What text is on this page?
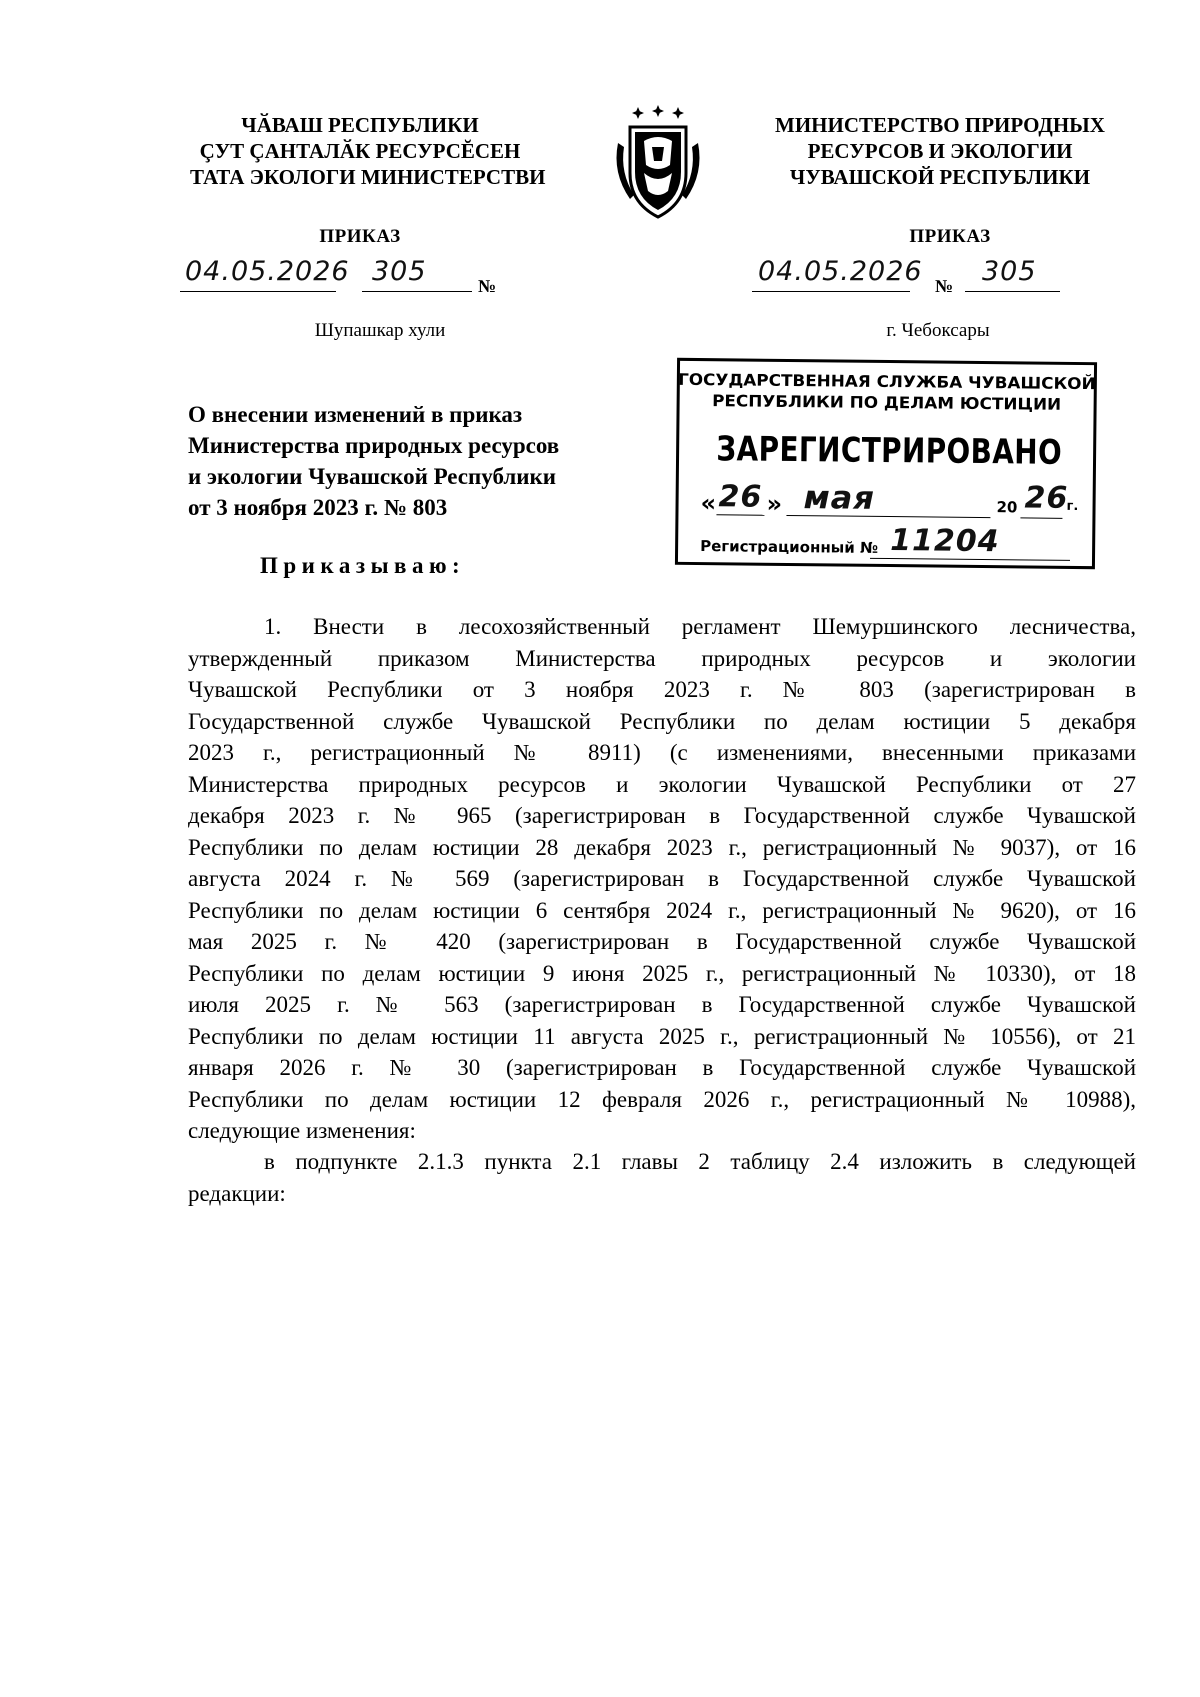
ЧӐВАШ РЕСПУБЛИКИ
ÇУТ ÇАНТАЛӐК РЕСУРСĔСЕН
ТАТА ЭКОЛОГИ МИНИСТЕРСТВИ
МИНИСТЕРСТВО ПРИРОДНЫХ
РЕСУРСОВ И ЭКОЛОГИИ
ЧУВАШСКОЙ РЕСПУБЛИКИ
ПРИКАЗ	ПРИКАЗ
04.05.2026 305	№	04.05.2026 № 305
Шупашкар хули	г. Чебоксары
ГОСУДАРСТВЕННАЯ СЛУЖБА ЧУВАШСКОЙ
РЕСПУБЛИКИ ПО ДЕЛАМ ЮСТИЦИИ
ЗАРЕГИСТРИРОВАНО
« 26 » мая	20 26
г.
Регистрационный № 11204
О внесении изменений в приказ
Министерства природных ресурсов
и экологии Чувашской Республики
от 3 ноября 2023 г. № 803
Приказываю:
1. Внести в лесохозяйственный регламент Шемуршинского лесничества,
утвержденный приказом Министерства природных ресурсов и экологии
Чувашской Республики от 3 ноября 2023 г. № 803 (зарегистрирован в
Государственной службе Чувашской Республики по делам юстиции 5 декабря
2023 г., регистрационный № 8911) (с изменениями, внесенными приказами
Министерства природных ресурсов и экологии Чувашской Республики от 27
декабря 2023 г. № 965 (зарегистрирован в Государственной службе Чувашской
Республики по делам юстиции 28 декабря 2023 г., регистрационный № 9037), от 16
августа 2024 г. № 569 (зарегистрирован в Государственной службе Чувашской
Республики по делам юстиции 6 сентября 2024 г., регистрационный № 9620), от 16
мая 2025 г. № 420 (зарегистрирован в Государственной службе Чувашской
Республики по делам юстиции 9 июня 2025 г., регистрационный № 10330), от 18
июля 2025 г. № 563 (зарегистрирован в Государственной службе Чувашской
Республики по делам юстиции 11 августа 2025 г., регистрационный № 10556), от 21
января 2026 г. № 30 (зарегистрирован в Государственной службе Чувашской
Республики по делам юстиции 12 февраля 2026 г., регистрационный № 10988),
следующие изменения:
в подпункте 2.1.3 пункта 2.1 главы 2 таблицу 2.4 изложить в следующей
редакции:
